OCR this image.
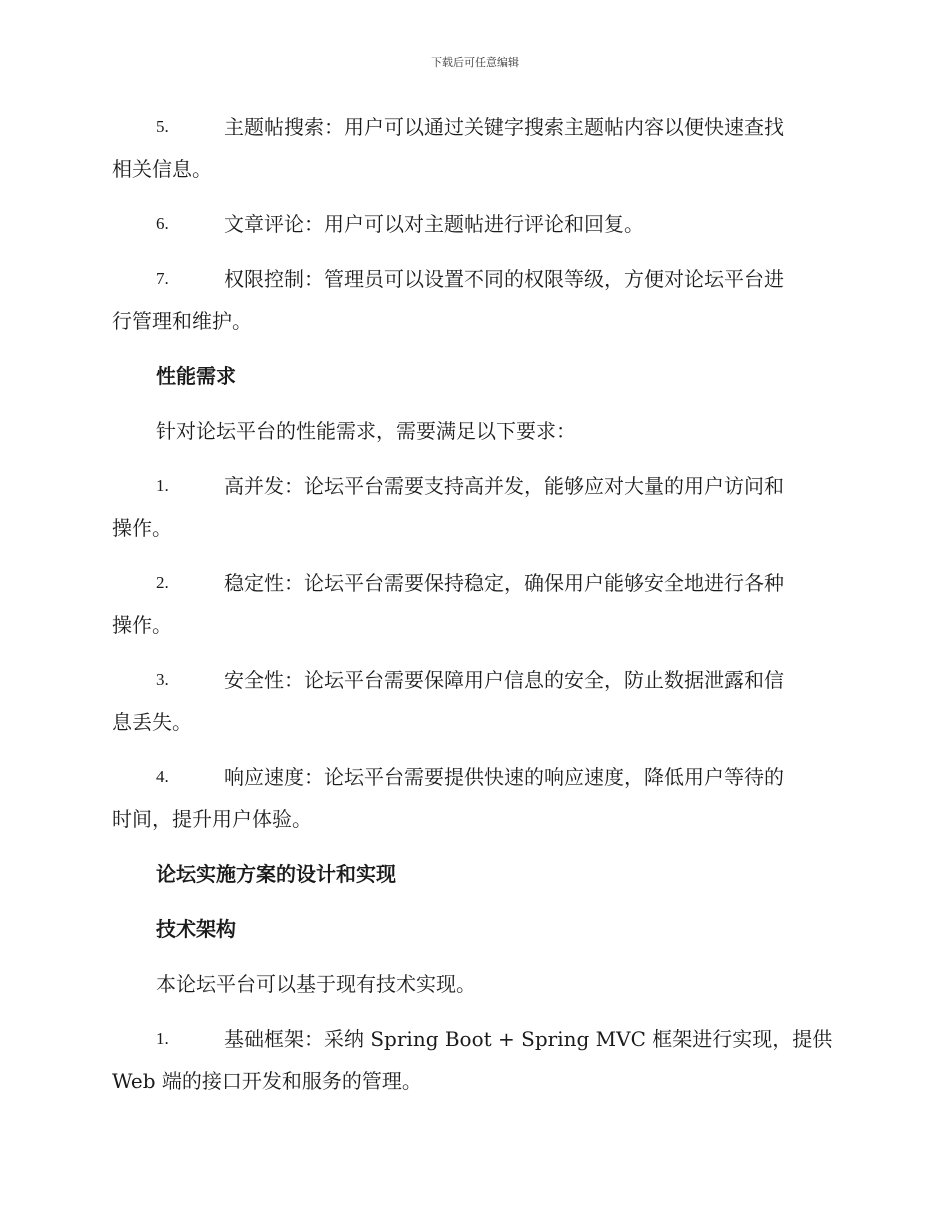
下载后可任意编辑
5.	主题帖搜索：用户可以通过关键字搜索主题帖内容以便快速查找
相关信息。
6.	文章评论：用户可以对主题帖进行评论和回复。
7.	权限控制：管理员可以设置不同的权限等级，方便对论坛平台进
行管理和维护。
性能需求
针对论坛平台的性能需求，需要满足以下要求：
1.	高并发：论坛平台需要支持高并发，能够应对大量的用户访问和
操作。
2.	稳定性：论坛平台需要保持稳定，确保用户能够安全地进行各种
操作。
3.	安全性：论坛平台需要保障用户信息的安全，防止数据泄露和信
息丢失。
4.	响应速度：论坛平台需要提供快速的响应速度，降低用户等待的
时间，提升用户体验。
论坛实施方案的设计和实现
技术架构
本论坛平台可以基于现有技术实现。
1.	基础框架：采纳 Spring Boot + Spring MVC 框架进行实现，提供
Web 端的接口开发和服务的管理。
